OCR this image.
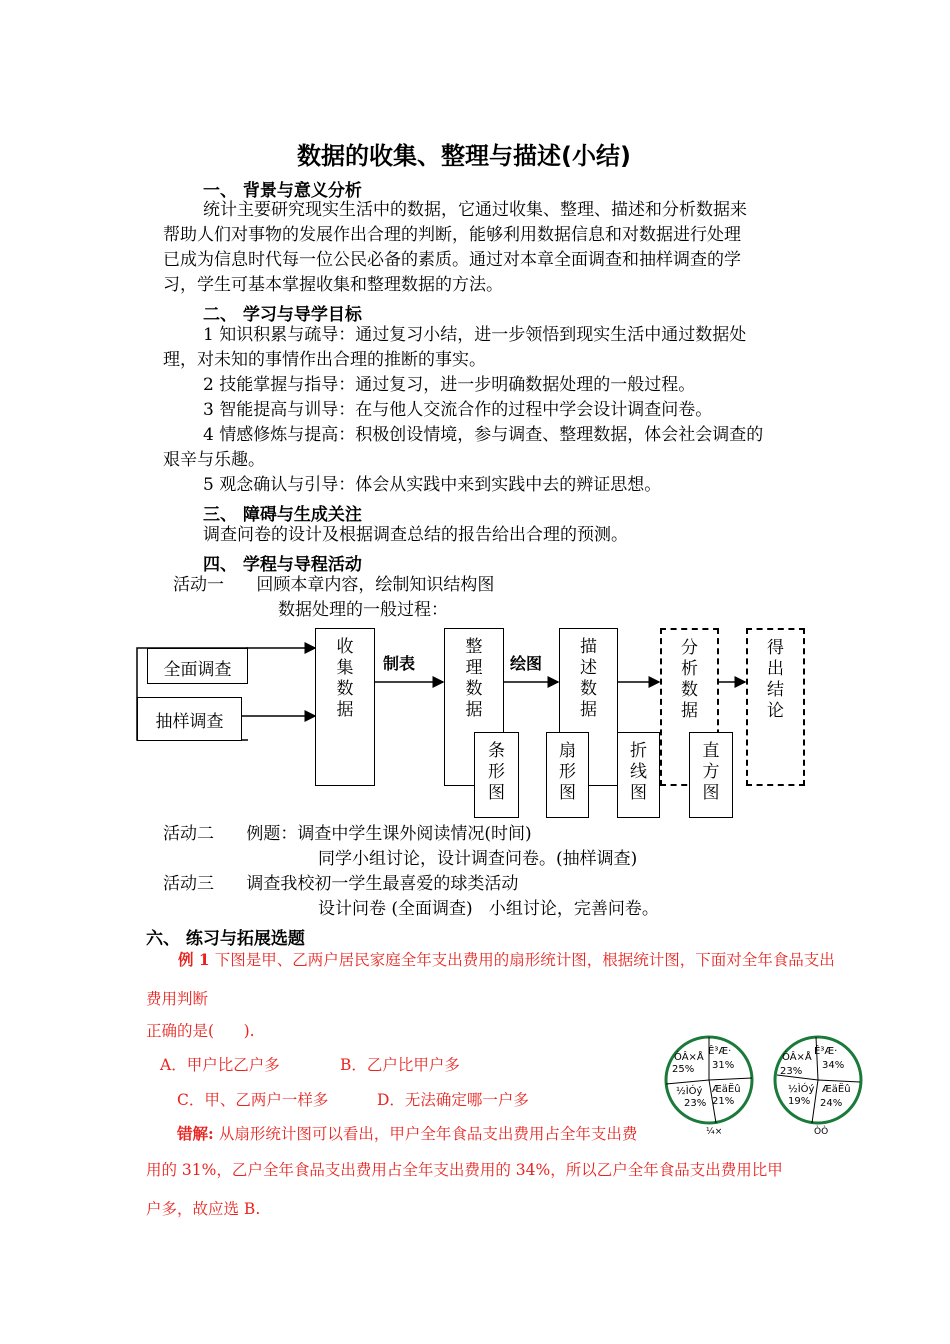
数据的收集、整理与描述(小结)
一、 背景与意义分析
统计主要研究现实生活中的数据，它通过收集、整理、描述和分析数据来
帮助人们对事物的发展作出合理的判断，能够利用数据信息和对数据进行处理
已成为信息时代每一位公民必备的素质。通过对本章全面调查和抽样调查的学
习，学生可基本掌握收集和整理数据的方法。
二、 学习与导学目标
1 知识积累与疏导：通过复习小结，进一步领悟到现实生活中通过数据处
理，对未知的事情作出合理的推断的事实。
2 技能掌握与指导：通过复习，进一步明确数据处理的一般过程。
3 智能提高与训导：在与他人交流合作的过程中学会设计调查问卷。
4 情感修炼与提高：积极创设情境，参与调查、整理数据，体会社会调查的
艰辛与乐趣。
5 观念确认与引导：体会从实践中来到实践中去的辨证思想。
三、 障碍与生成关注
调查问卷的设计及根据调查总结的报告给出合理的预测。
四、 学程与导程活动
活动一      回顾本章内容，绘制知识结构图
数据处理的一般过程：
全面调查
抽样调查
收
集
数
据
制表
整
理
数
据
绘图
描
述
数
据
分
析
数
据
得
出
结
论
条
形
图
扇
形
图
折
线
图
直
方
图
活动二      例题：调查中学生课外阅读情况(时间)
同学小组讨论，设计调查问卷。(抽样调查)
活动三      调查我校初一学生最喜爱的球类活动
设计问卷 (全面调查)   小组讨论，完善问卷。
六、 练习与拓展选题
例 1 下图是甲、乙两户居民家庭全年支出费用的扇形统计图，根据统计图，下面对全年食品支出
费用判断
正确的是(      ).
A．甲户比乙户多	B．乙户比甲户多
C．甲、乙两户一样多	D．无法确定哪一户多
错解: 从扇形统计图可以看出，甲户全年食品支出费用占全年支出费
用的 31%，乙户全年食品支出费用占全年支出费用的 34%，所以乙户全年食品支出费用比甲
户多，故应选 B.
ÒÂ×Å
25%
Ê³Æ·
31%
½ÌÓý
23%
ÆäËû
21%
¼×
ÒÂ×Å
23%
Ê³Æ·
34%
½ÌÓý
19%
ÆäËû
24%
ÒÒ
